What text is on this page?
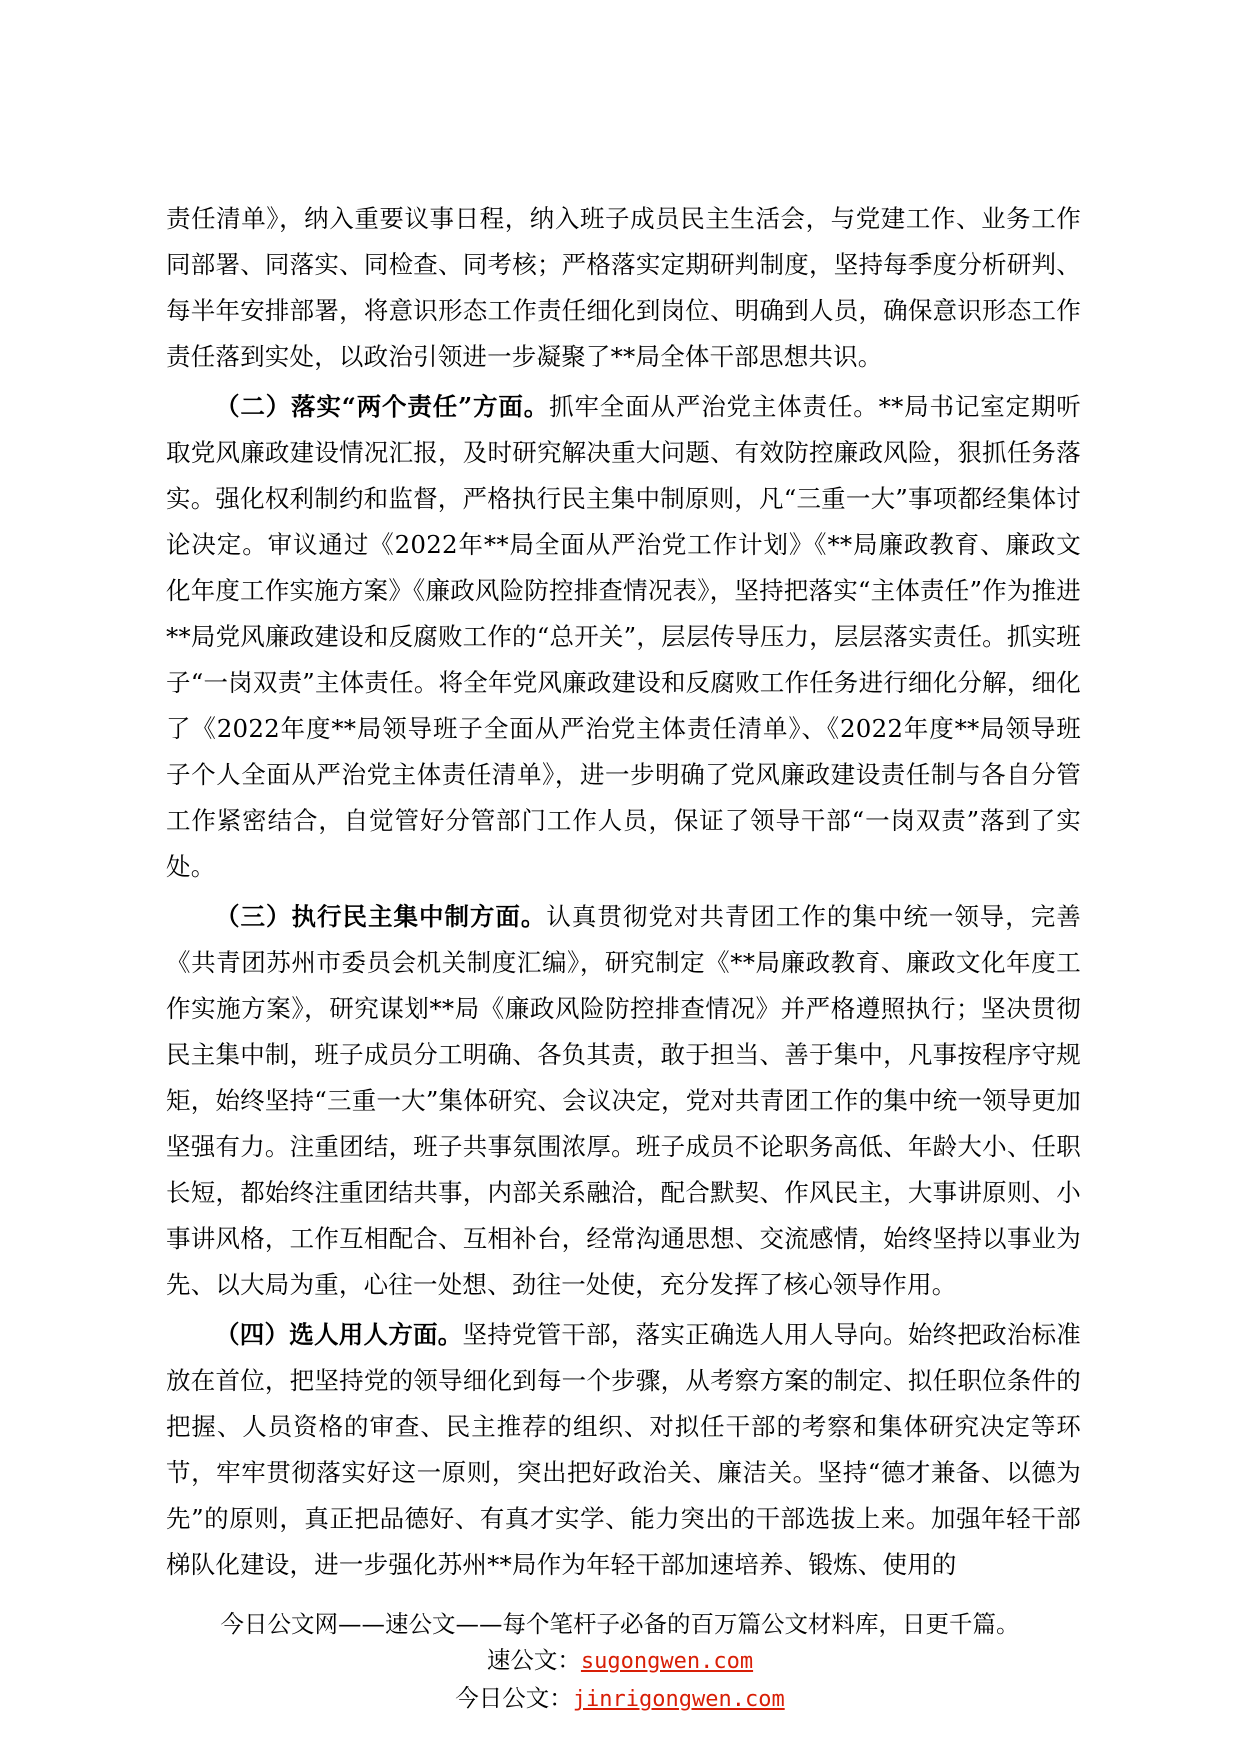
责任清单》，纳入重要议事日程，纳入班子成员民主生活会，与党建工作、业务工作同部署、同落实、同检查、同考核；严格落实定期研判制度，坚持每季度分析研判、每半年安排部署，将意识形态工作责任细化到岗位、明确到人员，确保意识形态工作责任落到实处，以政治引领进一步凝聚了**局全体干部思想共识。

（二）落实“两个责任”方面。抓牢全面从严治党主体责任。**局书记室定期听取党风廉政建设情况汇报，及时研究解决重大问题、有效防控廉政风险，狠抓任务落实。强化权利制约和监督，严格执行民主集中制原则，凡“三重一大”事项都经集体讨论决定。审议通过《2022年**局全面从严治党工作计划》《**局廉政教育、廉政文化年度工作实施方案》《廉政风险防控排查情况表》，坚持把落实“主体责任”作为推进**局党风廉政建设和反腐败工作的“总开关”，层层传导压力，层层落实责任。抓实班子“一岗双责”主体责任。将全年党风廉政建设和反腐败工作任务进行细化分解，细化了《2022年度**局领导班子全面从严治党主体责任清单》、《2022年度**局领导班子个人全面从严治党主体责任清单》，进一步明确了党风廉政建设责任制与各自分管工作紧密结合，自觉管好分管部门工作人员，保证了领导干部“一岗双责”落到了实处。

（三）执行民主集中制方面。认真贯彻党对共青团工作的集中统一领导，完善《共青团苏州市委员会机关制度汇编》，研究制定《**局廉政教育、廉政文化年度工作实施方案》，研究谋划**局《廉政风险防控排查情况》并严格遵照执行；坚决贯彻民主集中制，班子成员分工明确、各负其责，敢于担当、善于集中，凡事按程序守规矩，始终坚持“三重一大”集体研究、会议决定，党对共青团工作的集中统一领导更加坚强有力。注重团结，班子共事氛围浓厚。班子成员不论职务高低、年龄大小、任职长短，都始终注重团结共事，内部关系融洽，配合默契、作风民主，大事讲原则、小事讲风格，工作互相配合、互相补台，经常沟通思想、交流感情，始终坚持以事业为先、以大局为重，心往一处想、劲往一处使，充分发挥了核心领导作用。

（四）选人用人方面。坚持党管干部，落实正确选人用人导向。始终把政治标准放在首位，把坚持党的领导细化到每一个步骤，从考察方案的制定、拟任职位条件的把握、人员资格的审查、民主推荐的组织、对拟任干部的考察和集体研究决定等环节，牢牢贯彻落实好这一原则，突出把好政治关、廉洁关。坚持“德才兼备、以德为先”的原则，真正把品德好、有真才实学、能力突出的干部选拔上来。加强年轻干部梯队化建设，进一步强化苏州**局作为年轻干部加速培养、锻炼、使用的

今日公文网——速公文——每个笔杆子必备的百万篇公文材料库，日更千篇。
速公文：sugongwen.com
今日公文：jinrigongwen.com
